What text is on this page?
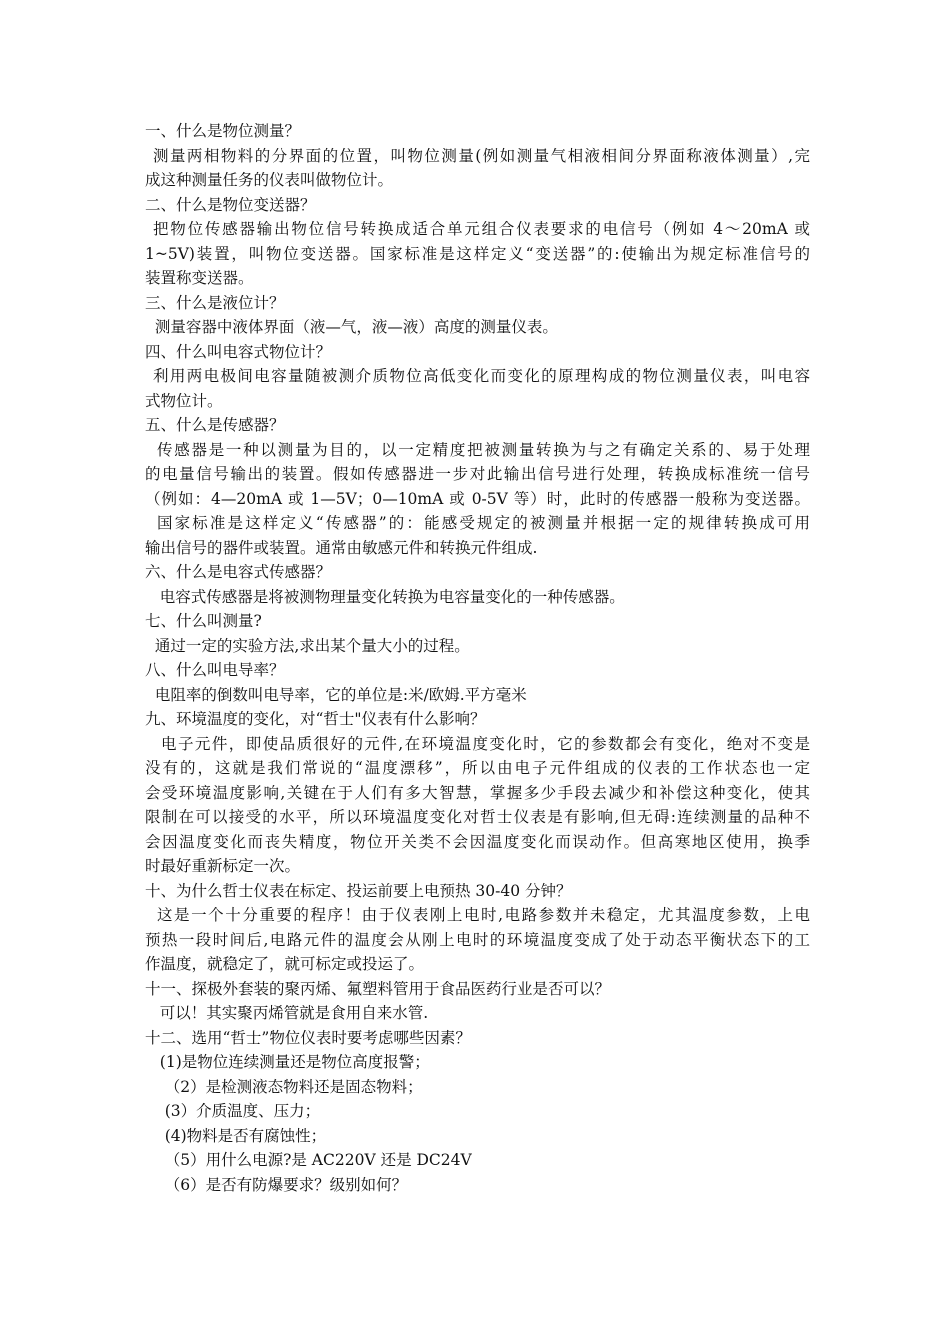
一、什么是物位测量？
测量两相物料的分界面的位置，叫物位测量(例如测量气相液相间分界面称液体测量）,完
成这种测量任务的仪表叫做物位计。
二、什么是物位变送器？
把物位传感器输出物位信号转换成适合单元组合仪表要求的电信号（例如 4～20mA 或
1~5V)装置，叫物位变送器。国家标准是这样定义“变送器”的:使输出为规定标准信号的
装置称变送器。
三、什么是液位计？
测量容器中液体界面（液—气，液—液）高度的测量仪表。
四、什么叫电容式物位计？
利用两电极间电容量随被测介质物位高低变化而变化的原理构成的物位测量仪表，叫电容
式物位计。
五、什么是传感器？
传感器是一种以测量为目的，以一定精度把被测量转换为与之有确定关系的、易于处理
的电量信号输出的装置。假如传感器进一步对此输出信号进行处理，转换成标准统一信号
（例如：4—20mA 或 1—5V；0—10mA 或 0-5V 等）时，此时的传感器一般称为变送器。
国家标准是这样定义“传感器”的：能感受规定的被测量并根据一定的规律转换成可用
输出信号的器件或装置。通常由敏感元件和转换元件组成.
六、什么是电容式传感器？
电容式传感器是将被测物理量变化转换为电容量变化的一种传感器。
七、什么叫测量?
通过一定的实验方法,求出某个量大小的过程。
八、什么叫电导率？
电阻率的倒数叫电导率，它的单位是:米/欧姆.平方毫米
九、环境温度的变化，对“哲士"仪表有什么影响？
电子元件，即使品质很好的元件,在环境温度变化时，它的参数都会有变化，绝对不变是
没有的，这就是我们常说的“温度漂移”，所以由电子元件组成的仪表的工作状态也一定
会受环境温度影响,关键在于人们有多大智慧，掌握多少手段去减少和补偿这种变化，使其
限制在可以接受的水平，所以环境温度变化对哲士仪表是有影响,但无碍:连续测量的品种不
会因温度变化而丧失精度，物位开关类不会因温度变化而误动作。但高寒地区使用，换季
时最好重新标定一次。
十、为什么哲士仪表在标定、投运前要上电预热 30-40 分钟？
这是一个十分重要的程序！由于仪表刚上电时,电路参数并未稳定，尤其温度参数，上电
预热一段时间后,电路元件的温度会从刚上电时的环境温度变成了处于动态平衡状态下的工
作温度，就稳定了，就可标定或投运了。
十一、探极外套装的聚丙烯、氟塑料管用于食品医药行业是否可以？
可以！其实聚丙烯管就是食用自来水管.
十二、选用“哲士”物位仪表时要考虑哪些因素？
(1)是物位连续测量还是物位高度报警；
（2）是检测液态物料还是固态物料；
(3）介质温度、压力；
(4)物料是否有腐蚀性；
（5）用什么电源?是 AC220V 还是 DC24V
（6）是否有防爆要求？级别如何？
